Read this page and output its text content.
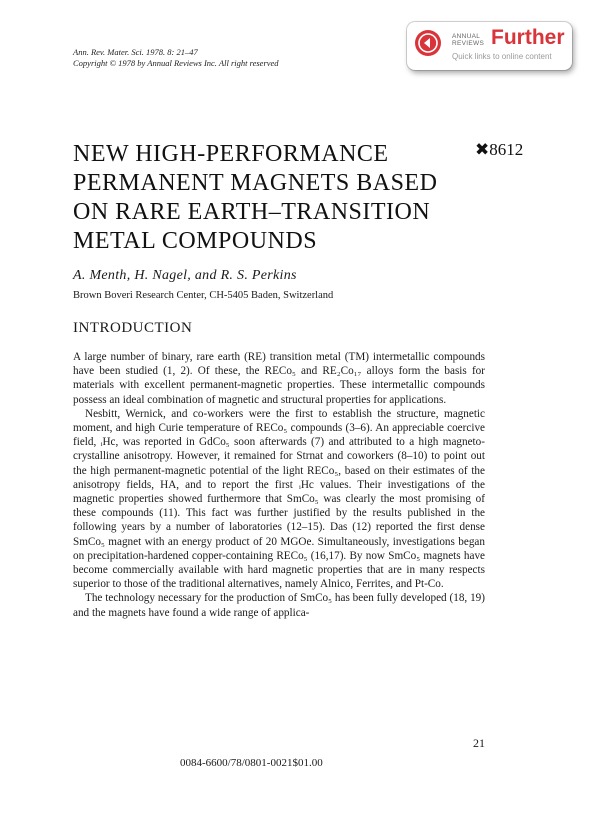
Ann. Rev. Mater. Sci. 1978. 8: 21–47
Copyright © 1978 by Annual Reviews Inc. All right reserved
ANNUAL
REVIEWS Further
Quick links to online content
NEW HIGH-PERFORMANCE PERMANENT MAGNETS BASED ON RARE EARTH–TRANSITION METAL COMPOUNDS
✖8612
A. Menth, H. Nagel, and R. S. Perkins
Brown Boveri Research Center, CH-5405 Baden, Switzerland
INTRODUCTION

A large number of binary, rare earth (RE) transition metal (TM) intermetallic compounds have been studied (1, 2). Of these, the RECo₅ and RE₂Co₁₇ alloys form the basis for materials with excellent permanent-magnetic properties. These intermetallic compounds possess an ideal combination of magnetic and structural properties for applications.

Nesbitt, Wernick, and co-workers were the first to establish the structure, magnetic moment, and high Curie temperature of RECo₅ compounds (3–6). An appreciable coercive field, ᵢHc, was reported in GdCo₅ soon afterwards (7) and attributed to a high magneto-crystalline anisotropy. However, it remained for Strnat and coworkers (8–10) to point out the high permanent-magnetic potential of the light RECo₅, based on their estimates of the anisotropy fields, HA, and to report the first ᵢHc values. Their investigations of the magnetic properties showed furthermore that SmCo₅ was clearly the most promising of these compounds (11). This fact was further justified by the results published in the following years by a number of laboratories (12–15). Das (12) reported the first dense SmCo₅ magnet with an energy product of 20 MGOe. Simultaneously, investigations began on precipitation-hardened copper-containing RECo₅ (16,17). By now SmCo₅ magnets have become commercially available with hard magnetic properties that are in many respects superior to those of the traditional alternatives, namely Alnico, Ferrites, and Pt-Co.

The technology necessary for the production of SmCo₅ has been fully developed (18, 19) and the magnets have found a wide range of applica-

21
0084-6600/78/0801-0021$01.00
